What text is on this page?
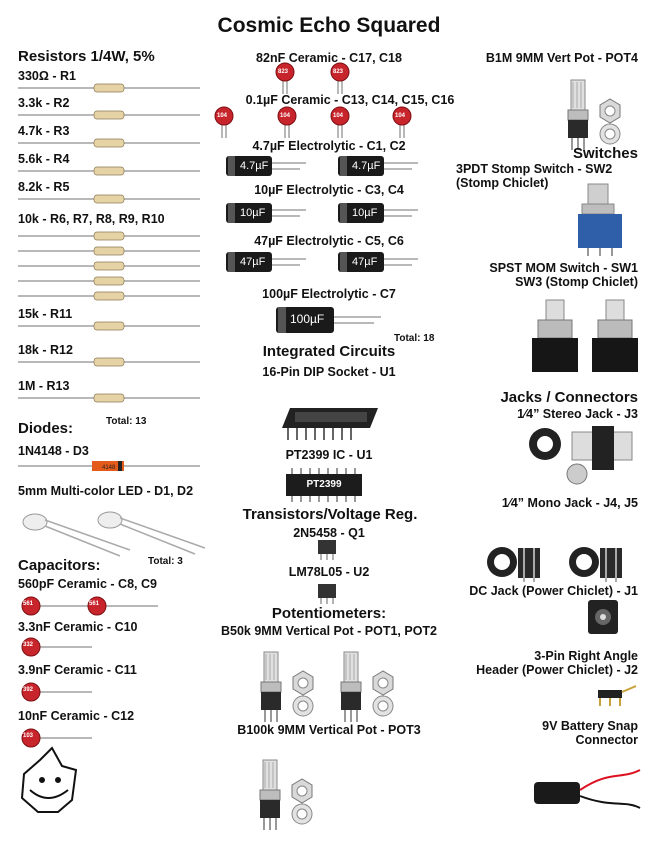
4148
Cosmic Echo Squared
Resistors 1/4W, 5%
330Ω - R1
3.3k - R2
4.7k - R3
5.6k - R4
8.2k - R5
10k - R6, R7, R8, R9, R10
15k - R11
18k - R12
1M - R13
Total: 13
Diodes:
1N4148 - D3
5mm Multi-color LED - D1, D2
Total: 3
Capacitors:
560pF Ceramic - C8, C9
3.3nF Ceramic - C10
3.9nF Ceramic - C11
10nF Ceramic - C12
561	561
332
392
103
82nF Ceramic - C17, C18
0.1µF Ceramic - C13, C14, C15, C16
4.7µF Electrolytic - C1, C2
10µF Electrolytic - C3, C4
47µF Electrolytic - C5, C6
100µF Electrolytic - C7
Total: 18
823	823
104	104	104	104
4.7µF	4.7µF
10µF	10µF
47µF	47µF
100µF
Integrated Circuits
16-Pin DIP Socket - U1
PT2399 IC - U1
PT2399
Transistors/Voltage Reg.
2N5458 - Q1
LM78L05 - U2
Potentiometers:
B50k 9MM Vertical Pot - POT1, POT2
B100k 9MM Vertical Pot - POT3
B1M 9MM Vert Pot - POT4
Switches
3PDT Stomp Switch - SW2
(Stomp Chiclet)
SPST MOM Switch - SW1
SW3 (Stomp Chiclet)
Jacks / Connectors
1⁄4” Stereo Jack - J3
1⁄4” Mono Jack - J4, J5
DC Jack (Power Chiclet) - J1
3-Pin Right Angle
Header (Power Chiclet) - J2
9V Battery Snap
Connector
